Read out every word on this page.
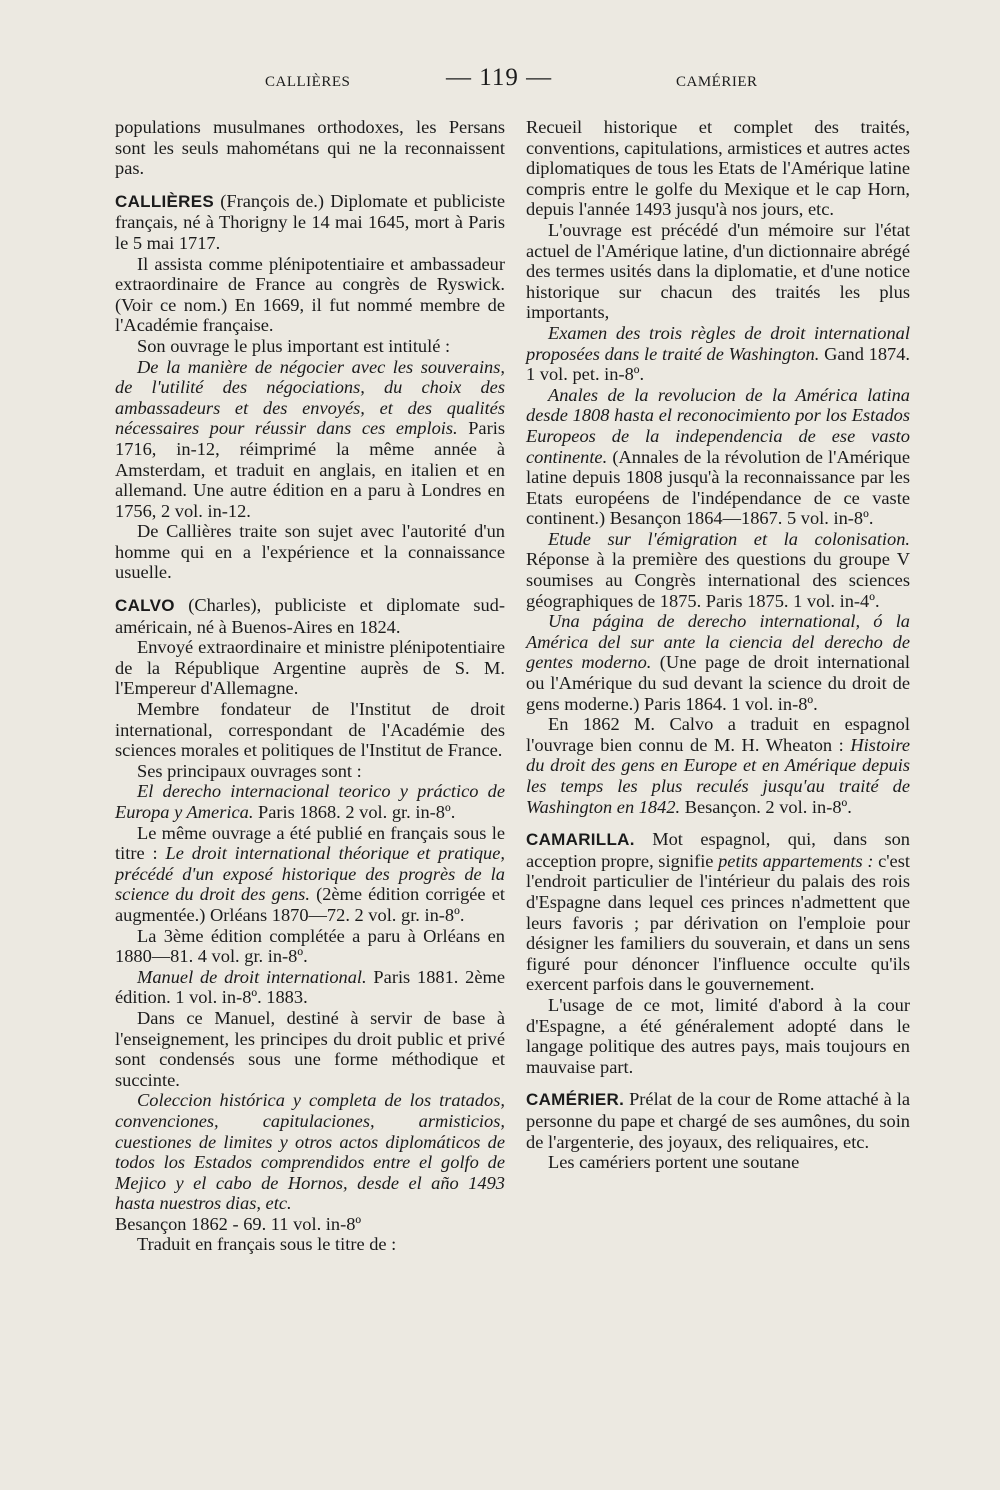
CALLIÈRES	— 119 —	CAMÉRIER

populations musulmanes orthodoxes, les Persans sont les seuls mahométans qui ne la reconnaissent pas.

CALLIÈRES (François de.) Diplomate et publiciste français, né à Thorigny le 14 mai 1645, mort à Paris le 5 mai 1717.

Il assista comme plénipotentiaire et ambassadeur extraordinaire de France au congrès de Ryswick. (Voir ce nom.) En 1669, il fut nommé membre de l'Académie française.

Son ouvrage le plus important est intitulé :

De la manière de négocier avec les souverains, de l'utilité des négociations, du choix des ambassadeurs et des envoyés, et des qualités nécessaires pour réussir dans ces emplois. Paris 1716, in-12, réimprimé la même année à Amsterdam, et traduit en anglais, en italien et en allemand. Une autre édition en a paru à Londres en 1756, 2 vol. in-12.

De Callières traite son sujet avec l'autorité d'un homme qui en a l'expérience et la connaissance usuelle.

CALVO (Charles), publiciste et diplomate sud-américain, né à Buenos-Aires en 1824.

Envoyé extraordinaire et ministre plénipotentiaire de la République Argentine auprès de S. M. l'Empereur d'Allemagne.

Membre fondateur de l'Institut de droit international, correspondant de l'Académie des sciences morales et politiques de l'Institut de France.

Ses principaux ouvrages sont :

El derecho internacional teorico y práctico de Europa y America. Paris 1868. 2 vol. gr. in-8º.

Le même ouvrage a été publié en français sous le titre : Le droit international théorique et pratique, précédé d'un exposé historique des progrès de la science du droit des gens. (2ème édition corrigée et augmentée.) Orléans 1870—72. 2 vol. gr. in-8º.

La 3ème édition complétée a paru à Orléans en 1880—81. 4 vol. gr. in-8º.

Manuel de droit international. Paris 1881. 2ème édition. 1 vol. in-8º. 1883.

Dans ce Manuel, destiné à servir de base à l'enseignement, les principes du droit public et privé sont condensés sous une forme méthodique et succinte.

Coleccion histórica y completa de los tratados, convenciones, capitulaciones, armisticios, cuestiones de limites y otros actos diplomáticos de todos los Estados comprendidos entre el golfo de Mejico y el cabo de Hornos, desde el año 1493 hasta nuestros dias, etc.

Besançon 1862 - 69. 11 vol. in-8º

Traduit en français sous le titre de :

Recueil historique et complet des traités, conventions, capitulations, armistices et autres actes diplomatiques de tous les Etats de l'Amérique latine compris entre le golfe du Mexique et le cap Horn, depuis l'année 1493 jusqu'à nos jours, etc.

L'ouvrage est précédé d'un mémoire sur l'état actuel de l'Amérique latine, d'un dictionnaire abrégé des termes usités dans la diplomatie, et d'une notice historique sur chacun des traités les plus importants,

Examen des trois règles de droit international proposées dans le traité de Washington. Gand 1874. 1 vol. pet. in-8º.

Anales de la revolucion de la América latina desde 1808 hasta el reconocimiento por los Estados Europeos de la independencia de ese vasto continente. (Annales de la révolution de l'Amérique latine depuis 1808 jusqu'à la reconnaissance par les Etats européens de l'indépendance de ce vaste continent.) Besançon 1864—1867. 5 vol. in-8º.

Etude sur l'émigration et la colonisation. Réponse à la première des questions du groupe V soumises au Congrès international des sciences géographiques de 1875. Paris 1875. 1 vol. in-4º.

Una página de derecho international, ó la América del sur ante la ciencia del derecho de gentes moderno. (Une page de droit international ou l'Amérique du sud devant la science du droit de gens moderne.) Paris 1864. 1 vol. in-8º.

En 1862 M. Calvo a traduit en espagnol l'ouvrage bien connu de M. H. Wheaton : Histoire du droit des gens en Europe et en Amérique depuis les temps les plus reculés jusqu'au traité de Washington en 1842. Besançon. 2 vol. in-8º.

CAMARILLA. Mot espagnol, qui, dans son acception propre, signifie petits appartements : c'est l'endroit particulier de l'intérieur du palais des rois d'Espagne dans lequel ces princes n'admettent que leurs favoris ; par dérivation on l'emploie pour désigner les familiers du souverain, et dans un sens figuré pour dénoncer l'influence occulte qu'ils exercent parfois dans le gouvernement.

L'usage de ce mot, limité d'abord à la cour d'Espagne, a été généralement adopté dans le langage politique des autres pays, mais toujours en mauvaise part.

CAMÉRIER. Prélat de la cour de Rome attaché à la personne du pape et chargé de ses aumônes, du soin de l'argenterie, des joyaux, des reliquaires, etc.

Les camériers portent une soutane
